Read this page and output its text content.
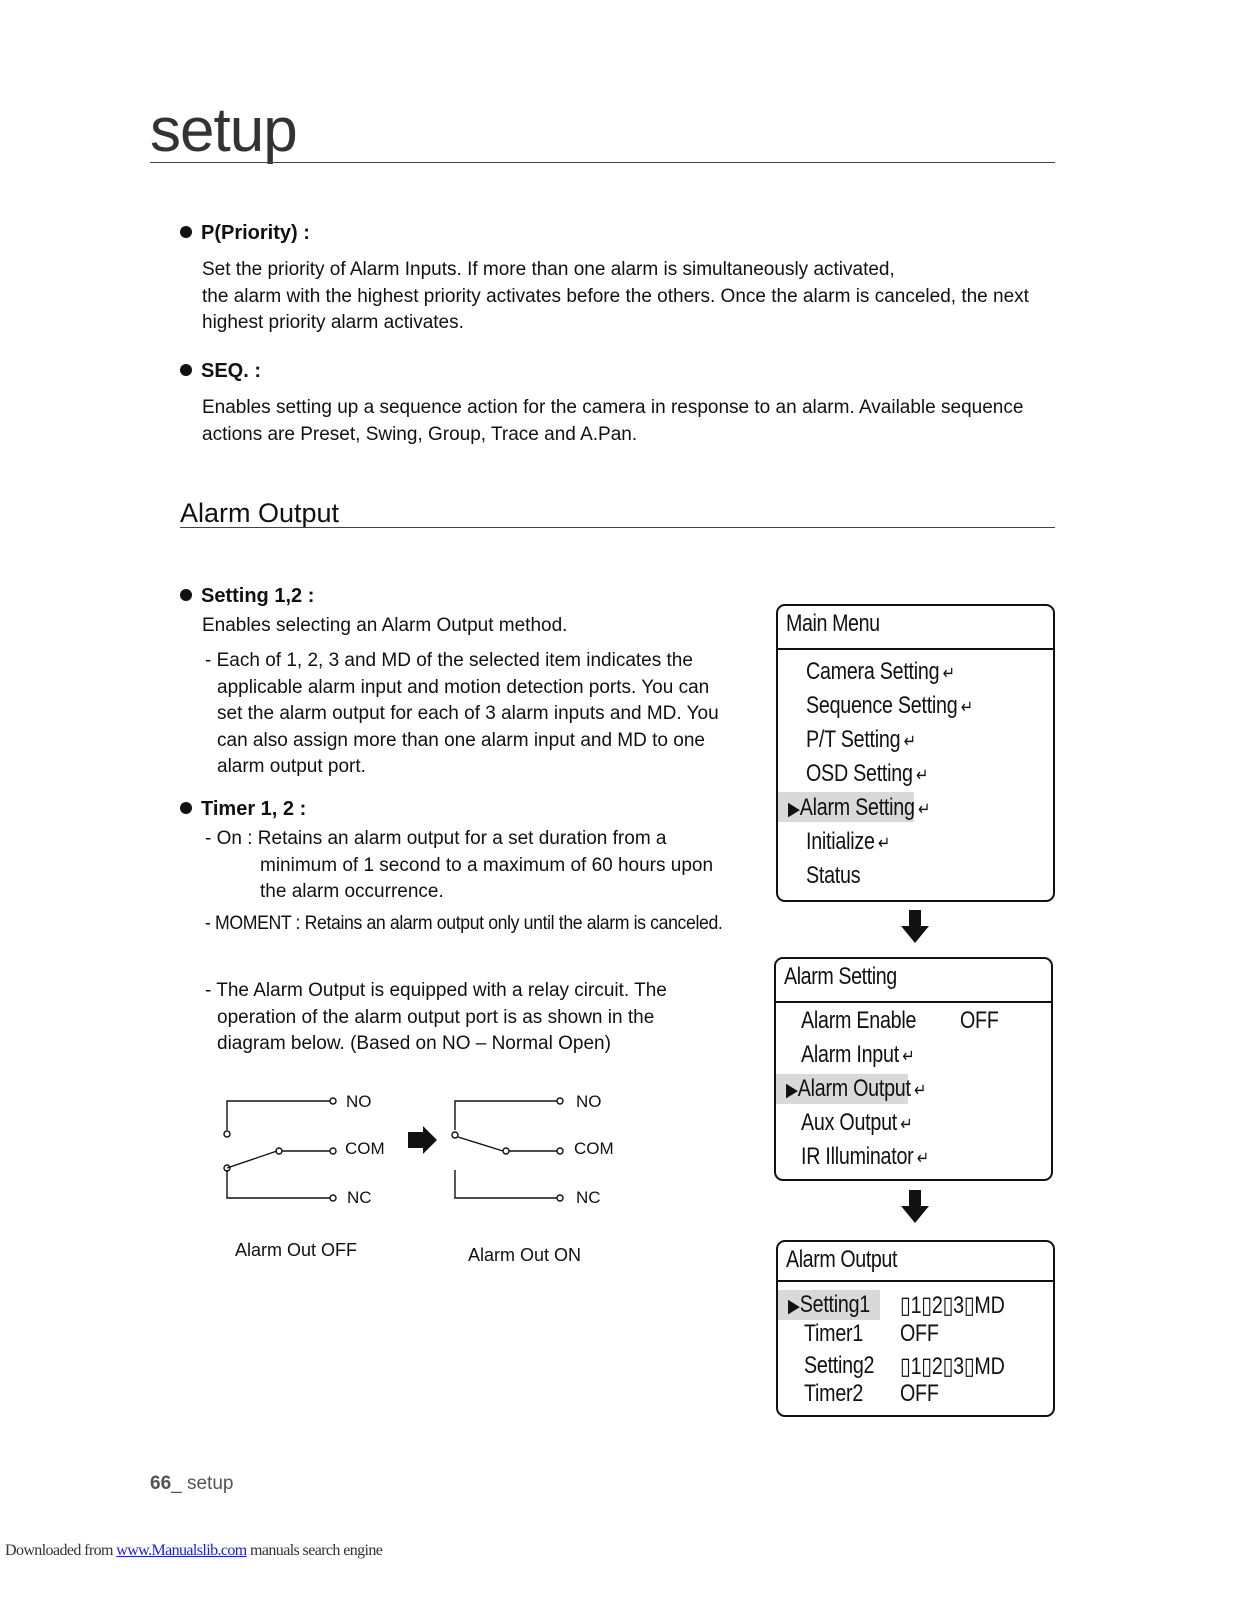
setup
P(Priority) :
Set the priority of Alarm Inputs. If more than one alarm is simultaneously activated,
the alarm with the highest priority activates before the others. Once the alarm is canceled, the next
highest priority alarm activates.
SEQ. :
Enables setting up a sequence action for the camera in response to an alarm. Available sequence
actions are Preset, Swing, Group, Trace and A.Pan.
Alarm Output
Setting 1,2 :
Enables selecting an Alarm Output method.
- Each of 1, 2, 3 and MD of the selected item indicates the
applicable alarm input and motion detection ports. You can
set the alarm output for each of 3 alarm inputs and MD. You
can also assign more than one alarm input and MD to one
alarm output port.
Timer 1, 2 :
- On : Retains an alarm output for a set duration from a
minimum of 1 second to a maximum of 60 hours upon
the alarm occurrence.
- MOMENT : Retains an alarm output only until the alarm is canceled.
- The Alarm Output is equipped with a relay circuit. The
operation of the alarm output port is as shown in the
diagram below. (Based on NO – Normal Open)
NO
COM
NC
NO
COM
NC
Alarm Out OFF	Alarm Out ON
Main Menu
Camera Setting ↵
Sequence Setting ↵
P/T Setting ↵
OSD Setting ↵
▶Alarm Setting ↵
Initialize ↵
Status
Alarm Setting
Alarm Enable OFF
Alarm Input ↵
▶Alarm Output ↵
Aux Output ↵
IR Illuminator ↵
Alarm Output
▶Setting1 ▯1▯2▯3▯MD
Timer1 OFF
Setting2 ▯1▯2▯3▯MD
Timer2 OFF
66_ setup
Downloaded from www.Manualslib.com manuals search engine
